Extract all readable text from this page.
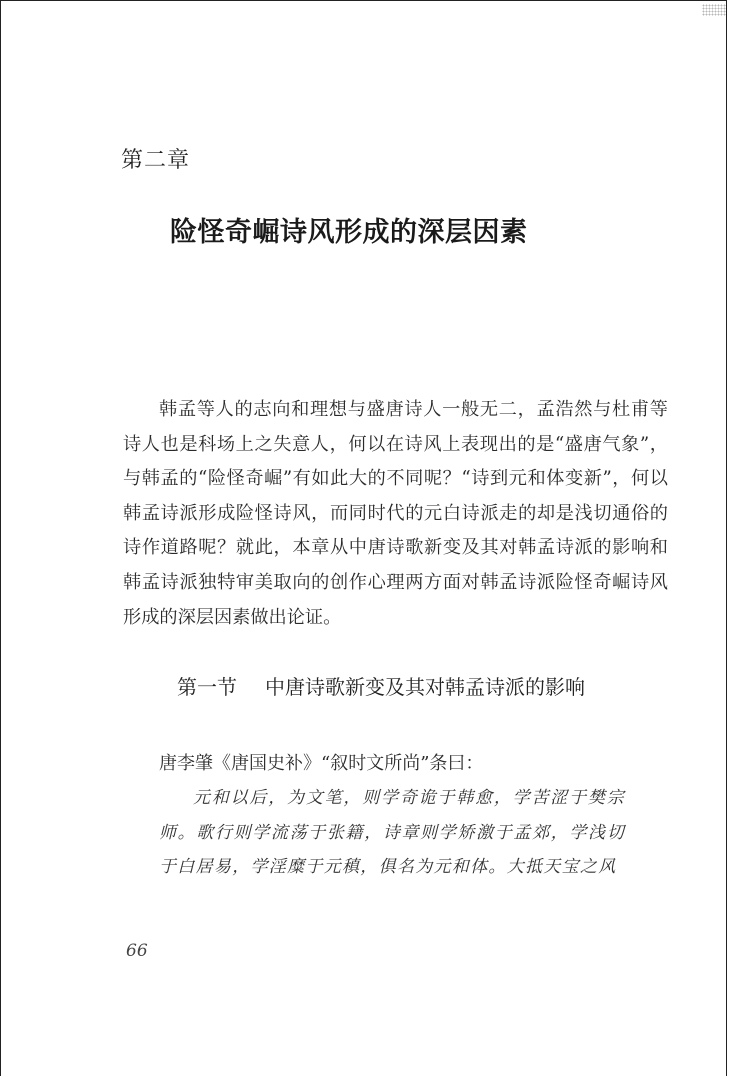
第二章
险怪奇崛诗风形成的深层因素

韩孟等人的志向和理想与盛唐诗人一般无二，孟浩然与杜甫等诗人也是科场上之失意人，何以在诗风上表现出的是“盛唐气象”，与韩孟的“险怪奇崛”有如此大的不同呢？“诗到元和体变新”，何以韩孟诗派形成险怪诗风，而同时代的元白诗派走的却是浅切通俗的诗作道路呢？就此，本章从中唐诗歌新变及其对韩孟诗派的影响和韩孟诗派独特审美取向的创作心理两方面对韩孟诗派险怪奇崛诗风形成的深层因素做出论证。

第一节 中唐诗歌新变及其对韩孟诗派的影响

唐李肇《唐国史补》“叙时文所尚”条曰：

元和以后，为文笔，则学奇诡于韩愈，学苦涩于樊宗师。歌行则学流荡于张籍，诗章则学矫激于孟郊，学浅切于白居易，学淫糜于元稹，俱名为元和体。大抵天宝之风

66
